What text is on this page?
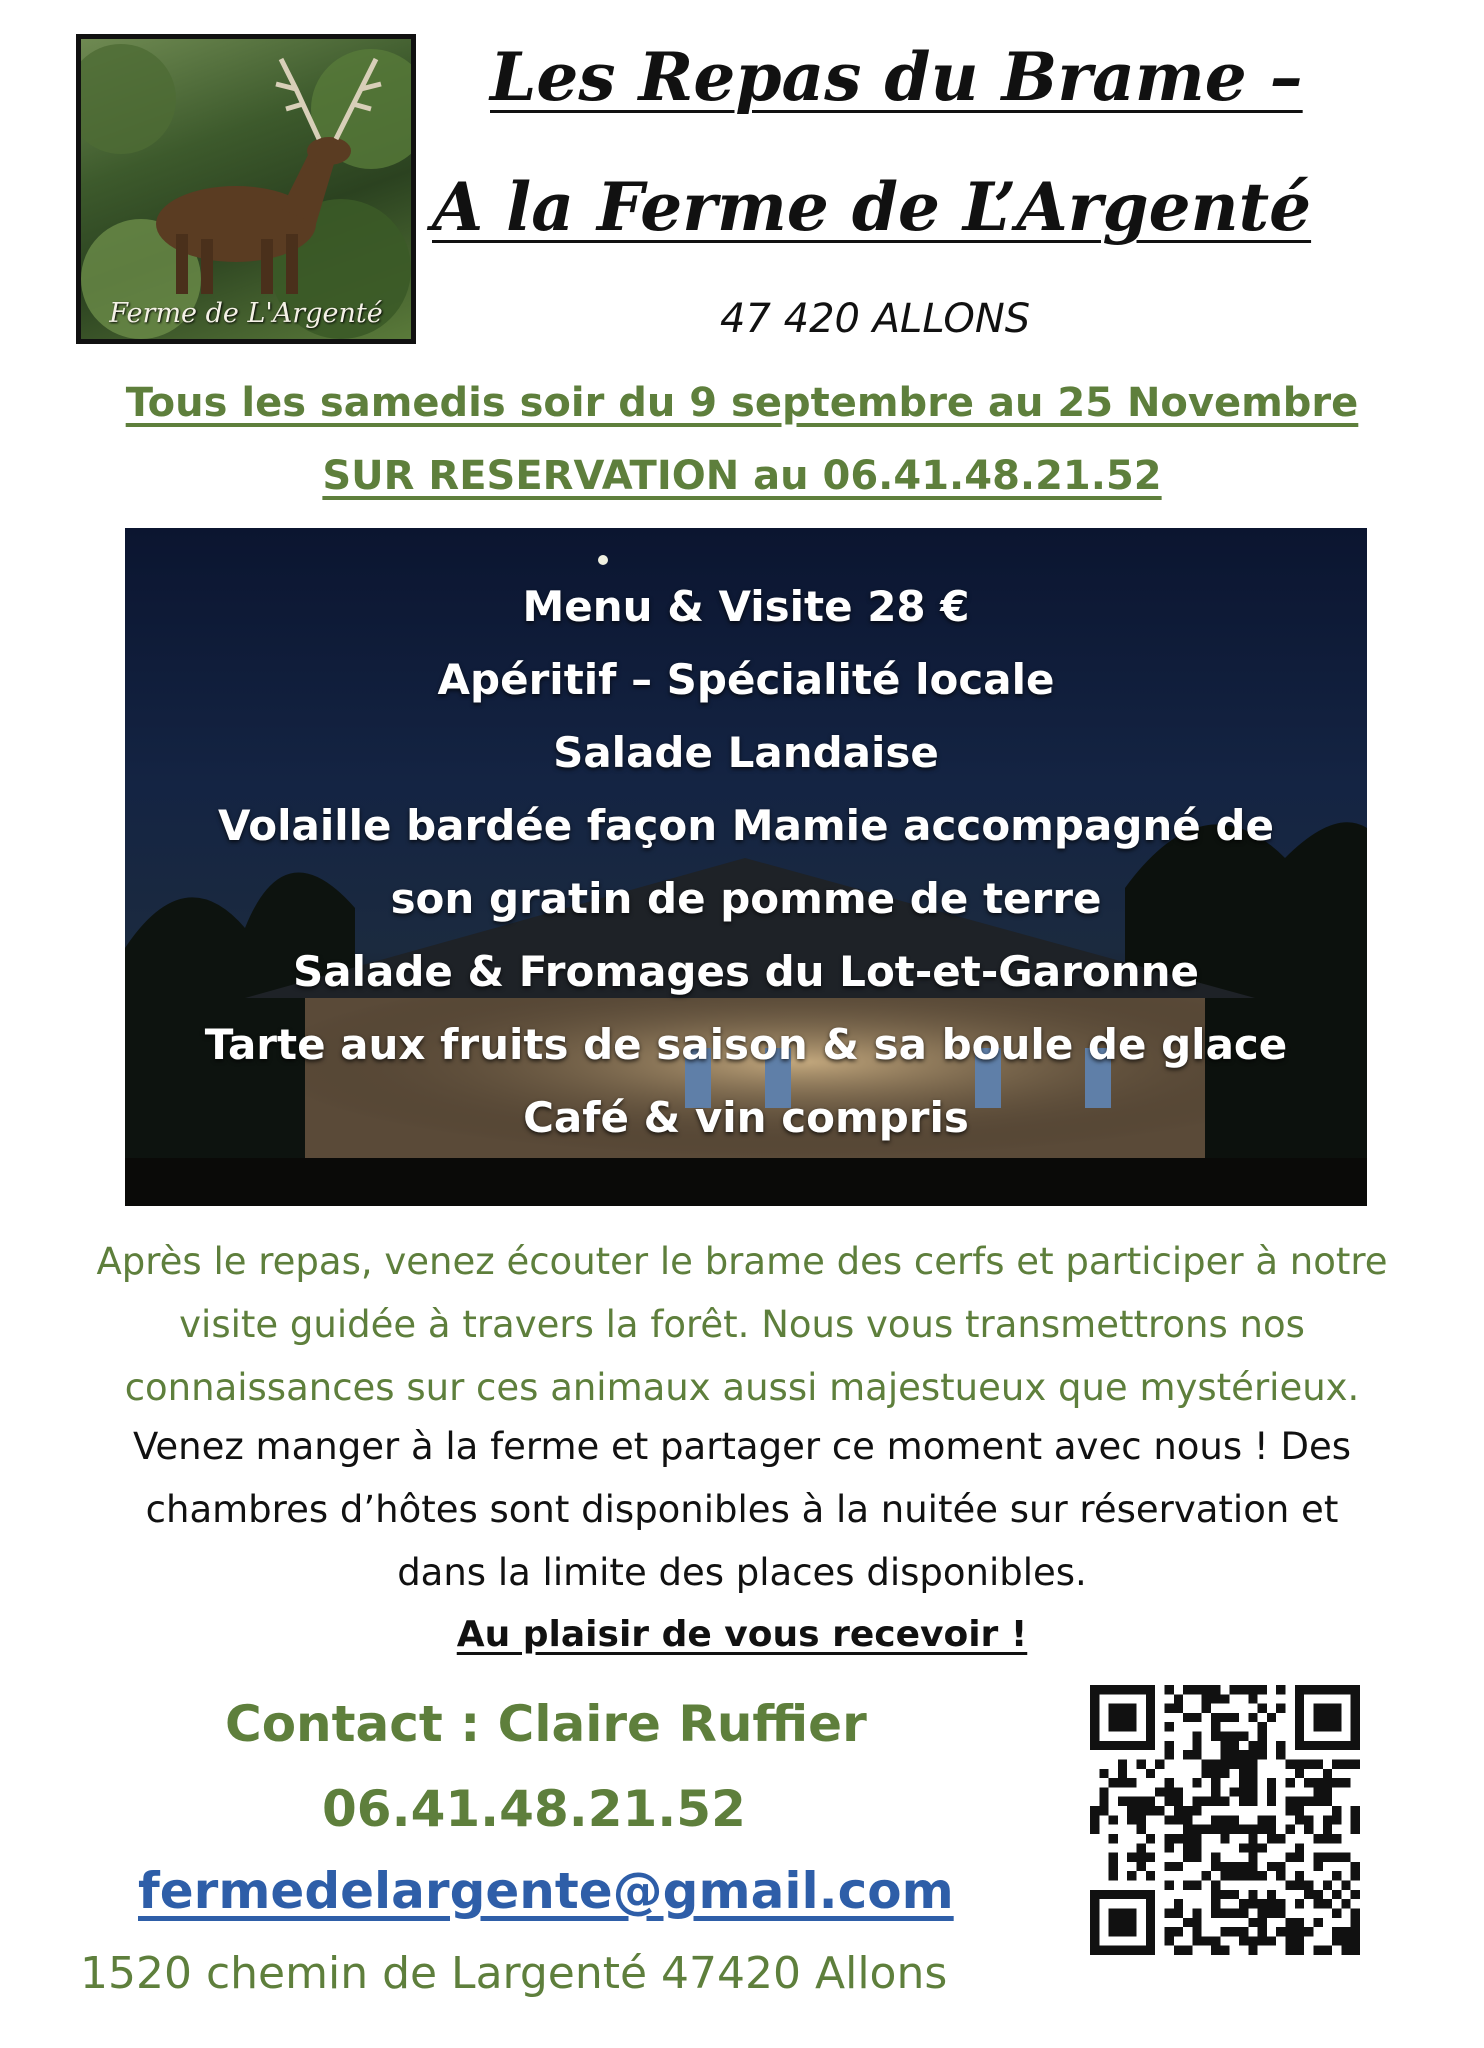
Ferme de L'Argenté
Les Repas du Brame –
A la Ferme de L’Argenté
47 420 ALLONS
Tous les samedis soir du 9 septembre au 25 Novembre
SUR RESERVATION au 06.41.48.21.52
Menu & Visite 28 €
Apéritif – Spécialité locale
Salade Landaise
Volaille bardée façon Mamie accompagné de
son gratin de pomme de terre
Salade & Fromages du Lot-et-Garonne
Tarte aux fruits de saison & sa boule de glace
Café & vin compris
Après le repas, venez écouter le brame des cerfs et participer à notre
visite guidée à travers la forêt. Nous vous transmettrons nos
connaissances sur ces animaux aussi majestueux que mystérieux.
Venez manger à la ferme et partager ce moment avec nous ! Des
chambres d’hôtes sont disponibles à la nuitée sur réservation et
dans la limite des places disponibles.
Au plaisir de vous recevoir !
Contact : Claire Ruffier
06.41.48.21.52
fermedelargente@gmail.com
1520 chemin de Largenté 47420 Allons
